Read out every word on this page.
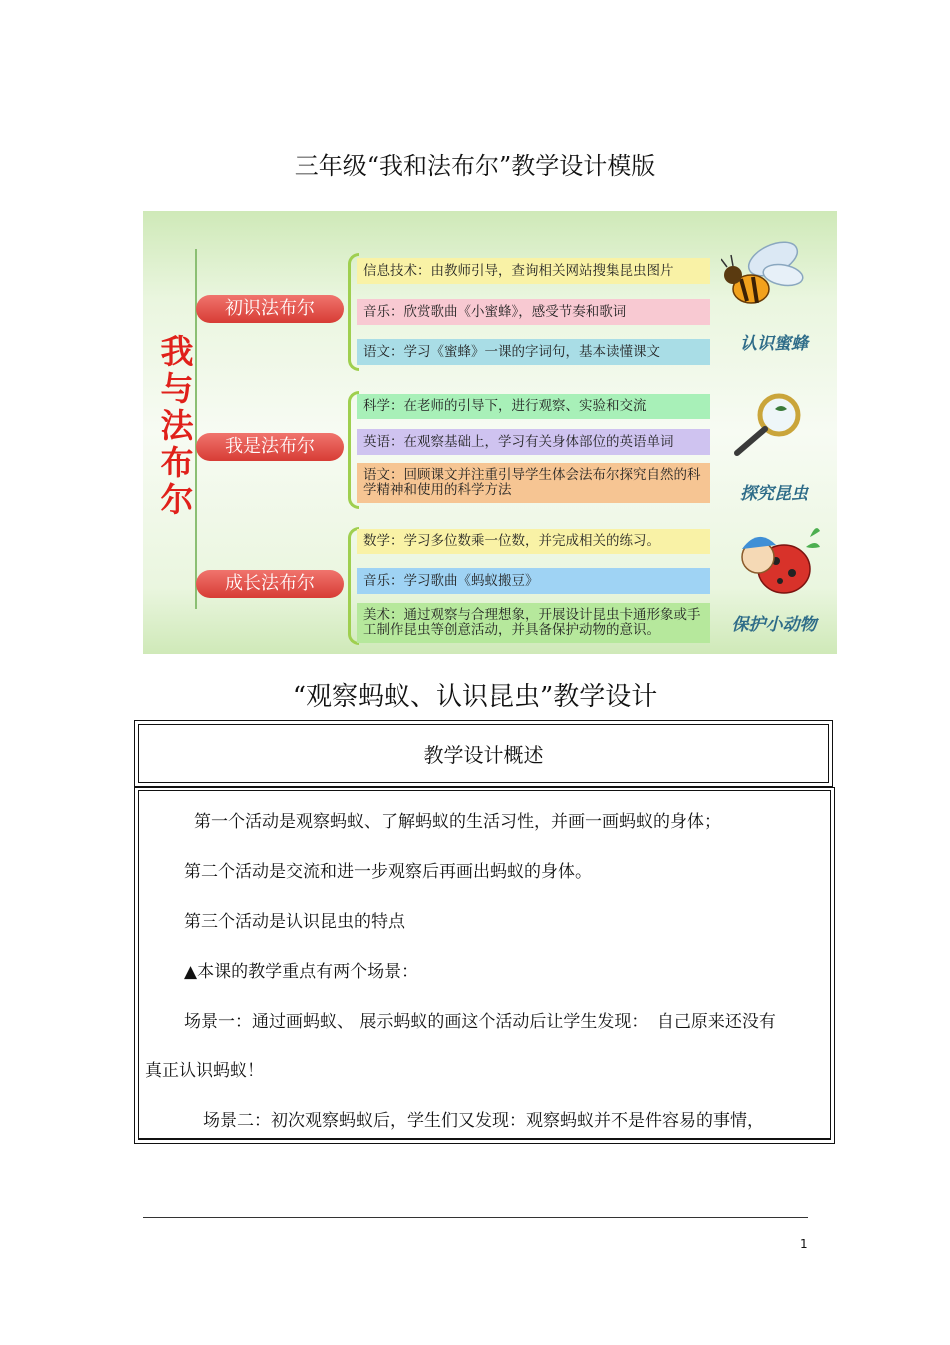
三年级“我和法布尔”教学设计模版
我与法布尔
初识法布尔
信息技术：由教师引导，查询相关网站搜集昆虫图片
音乐：欣赏歌曲《小蜜蜂》，感受节奏和歌词
语文：学习《蜜蜂》一课的字词句，基本读懂课文	认识蜜蜂
我是法布尔
科学：在老师的引导下，进行观察、实验和交流
英语：在观察基础上，学习有关身体部位的英语单词
语文：回顾课文并注重引导学生体会法布尔探究自然的科学精神和使用的科学方法	探究昆虫
成长法布尔
数学：学习多位数乘一位数，并完成相关的练习。
音乐：学习歌曲《蚂蚁搬豆》
美术：通过观察与合理想象，开展设计昆虫卡通形象或手工制作昆虫等创意活动，并具备保护动物的意识。	保护小动物
“观察蚂蚁、认识昆虫”教学设计
教学设计概述
第一个活动是观察蚂蚁、了解蚂蚁的生活习性，并画一画蚂蚁的身体；
第二个活动是交流和进一步观察后再画出蚂蚁的身体。
第三个活动是认识昆虫的特点
▲本课的教学重点有两个场景：
场景一：通过画蚂蚁、 展示蚂蚁的画这个活动后让学生发现：　自己原来还没有
真正认识蚂蚁！
场景二：初次观察蚂蚁后，学生们又发现：观察蚂蚁并不是件容易的事情，
1
